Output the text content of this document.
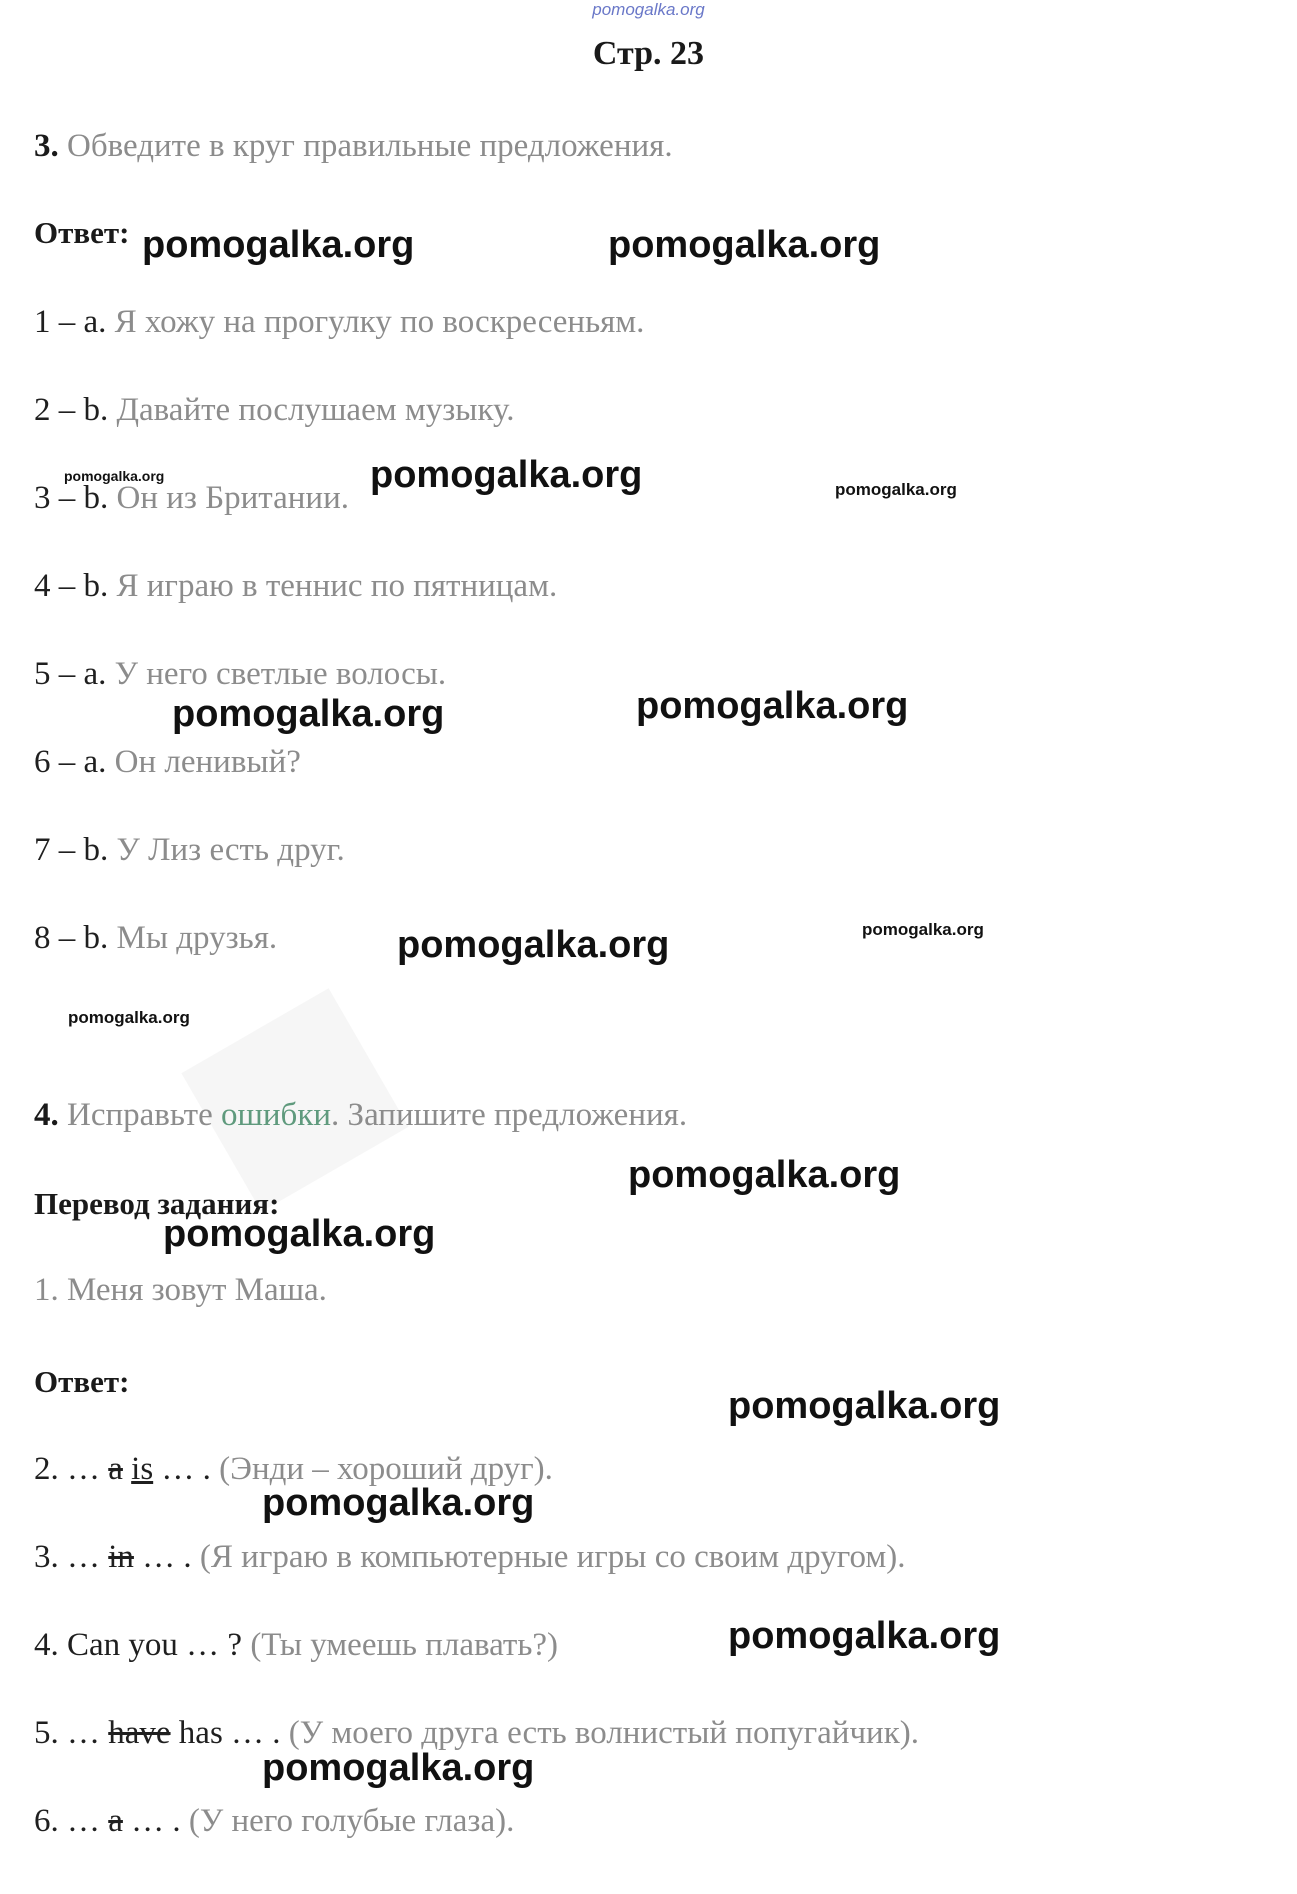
pomogalka.org
Стр. 23
3. Обведите в круг правильные предложения.
Ответ:
1 – a. Я хожу на прогулку по воскресеньям.
2 – b. Давайте послушаем музыку.
3 – b. Он из Британии.
4 – b. Я играю в теннис по пятницам.
5 – a. У него светлые волосы.
6 – a. Он ленивый?
7 – b. У Лиз есть друг.
8 – b. Мы друзья.
4. Исправьте ошибки. Запишите предложения.
Перевод задания:
1. Меня зовут Маша.
Ответ:
2. … a is … . (Энди – хороший друг).
3. … in … . (Я играю в компьютерные игры со своим другом).
4. Can you … ? (Ты умеешь плавать?)
5. … have has … . (У моего друга есть волнистый попугайчик).
6. … a … . (У него голубые глаза).
pomogalka.org	pomogalka.org
pomogalka.org	pomogalka.org	pomogalka.org
pomogalka.org	pomogalka.org
pomogalka.org	pomogalka.org
pomogalka.org
pomogalka.org
pomogalka.org
pomogalka.org
pomogalka.org
pomogalka.org
pomogalka.org
